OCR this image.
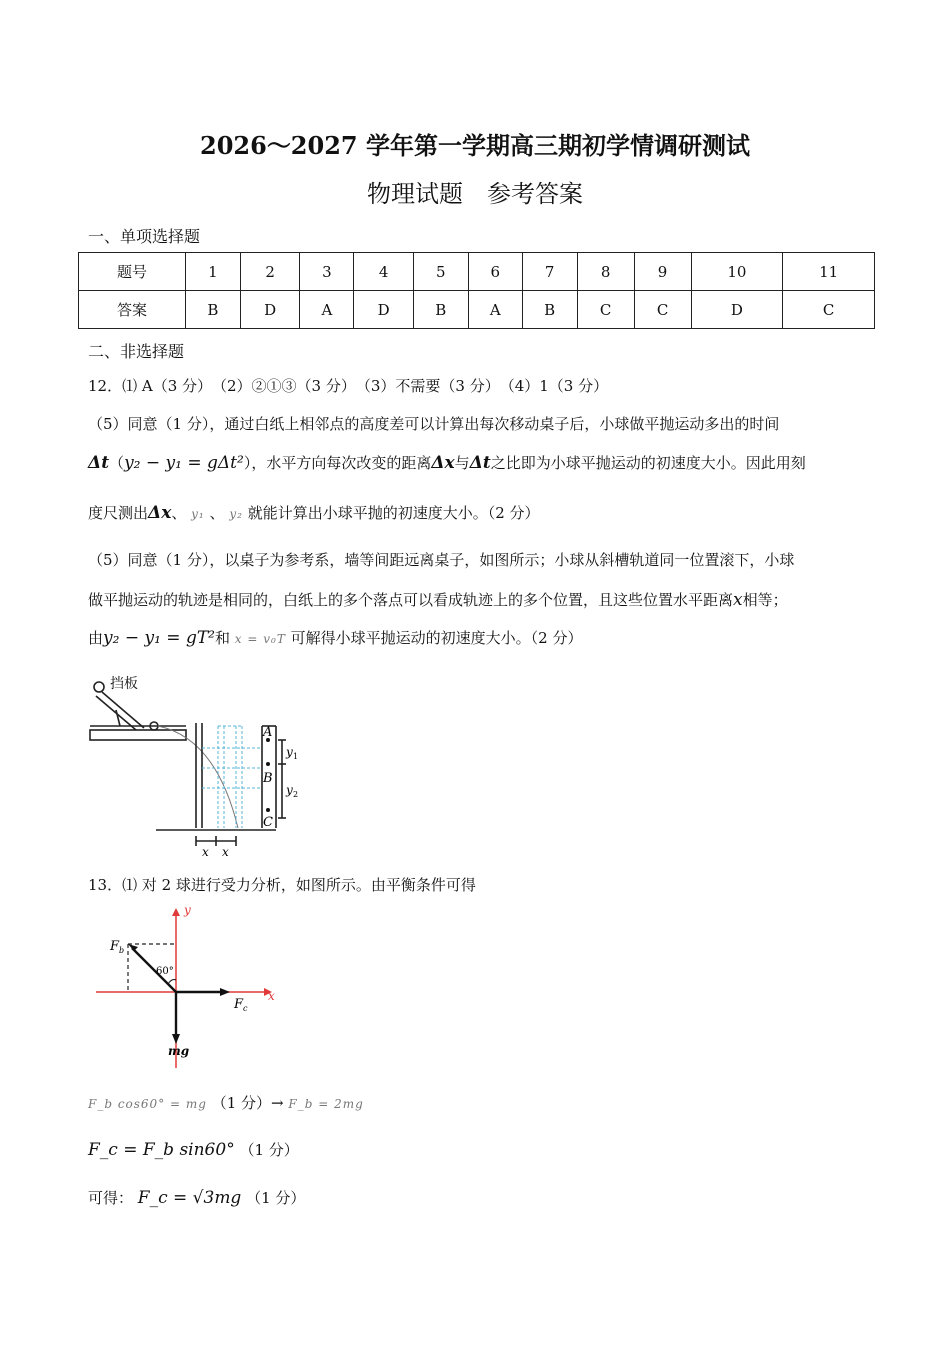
2026～2027 学年第一学期高三期初学情调研测试
物理试题　参考答案
一、单项选择题
题号	1	2	3	4	5	6	7	8	9	10	11
答案	B	D	A	D	B	A	B	C	C	D	C
二、非选择题
12．⑴ A（3 分）　（2）②①③（3 分）　（3）不需要（3 分）　（4）1（3 分）
（5）同意（1 分），通过白纸上相邻点的高度差可以计算出每次移动桌子后，小球做平抛运动多出的时间
Δt（y₂ − y₁ = gΔt²），水平方向每次改变的距离Δx与Δt之比即为小球平抛运动的初速度大小。因此用刻
度尺测出Δx、 y₁ 、 y₂ 就能计算出小球平抛的初速度大小。（2 分）
（5）同意（1 分），以桌子为参考系，墙等间距远离桌子，如图所示；小球从斜槽轨道同一位置滚下，小球
做平抛运动的轨迹是相同的，白纸上的多个落点可以看成轨迹上的多个位置，且这些位置水平距离x相等；
由y₂ − y₁ = gT²和 x = v₀T 可解得小球平抛运动的初速度大小。（2 分）
挡板
A
B
C
y 1
y 2
x x
13．⑴ 对 2 球进行受力分析，如图所示。由平衡条件可得
y
x
F b
60°
F c
mg
F_b cos60° = mg （1 分）→ F_b = 2mg
F_c = F_b sin60° （1 分）
可得： F_c = √3mg （1 分）
